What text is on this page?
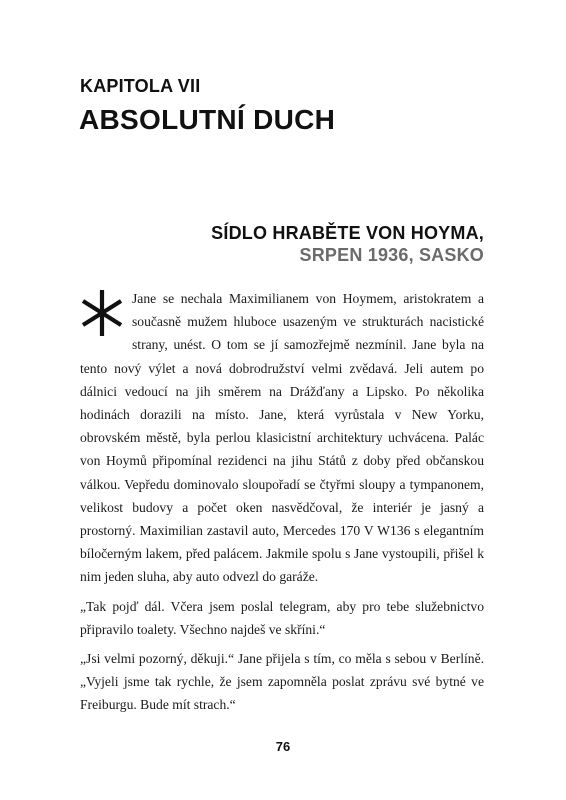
KAPITOLA VII
ABSOLUTNÍ DUCH
SÍDLO HRABĚTE VON HOYMA,
SRPEN 1936, SASKO

Jane se nechala Maximilianem von Hoymem, aristokratem a současně mužem hluboce usazeným ve strukturách nacistické strany, unést. O tom se jí samozřejmě nezmínil. Jane byla na tento nový výlet a nová dobrodružství velmi zvědavá. Jeli autem po dálnici vedoucí na jih směrem na Drážďany a Lipsko. Po několika hodinách dorazili na místo. Jane, která vyrůstala v New Yorku, obrovském městě, byla perlou klasicistní architektury uchvácena. Palác von Hoymů připomínal rezidenci na jihu Států z doby před občanskou válkou. Vepředu dominovalo sloupořadí se čtyřmi sloupy a tympanonem, velikost budovy a počet oken nasvědčoval, že interiér je jasný a prostorný. Maximilian zastavil auto, Mercedes 170 V W136 s elegantním bíločerným lakem, před palácem. Jakmile spolu s Jane vystoupili, přišel k nim jeden sluha, aby auto odvezl do garáže.

„Tak pojď dál. Včera jsem poslal telegram, aby pro tebe služebnictvo připravilo toalety. Všechno najdeš ve skříni.“

„Jsi velmi pozorný, děkuji.“ Jane přijela s tím, co měla s sebou v Berlíně. „Vyjeli jsme tak rychle, že jsem zapomněla poslat zprávu své bytné ve Freiburgu. Bude mít strach.“

76
